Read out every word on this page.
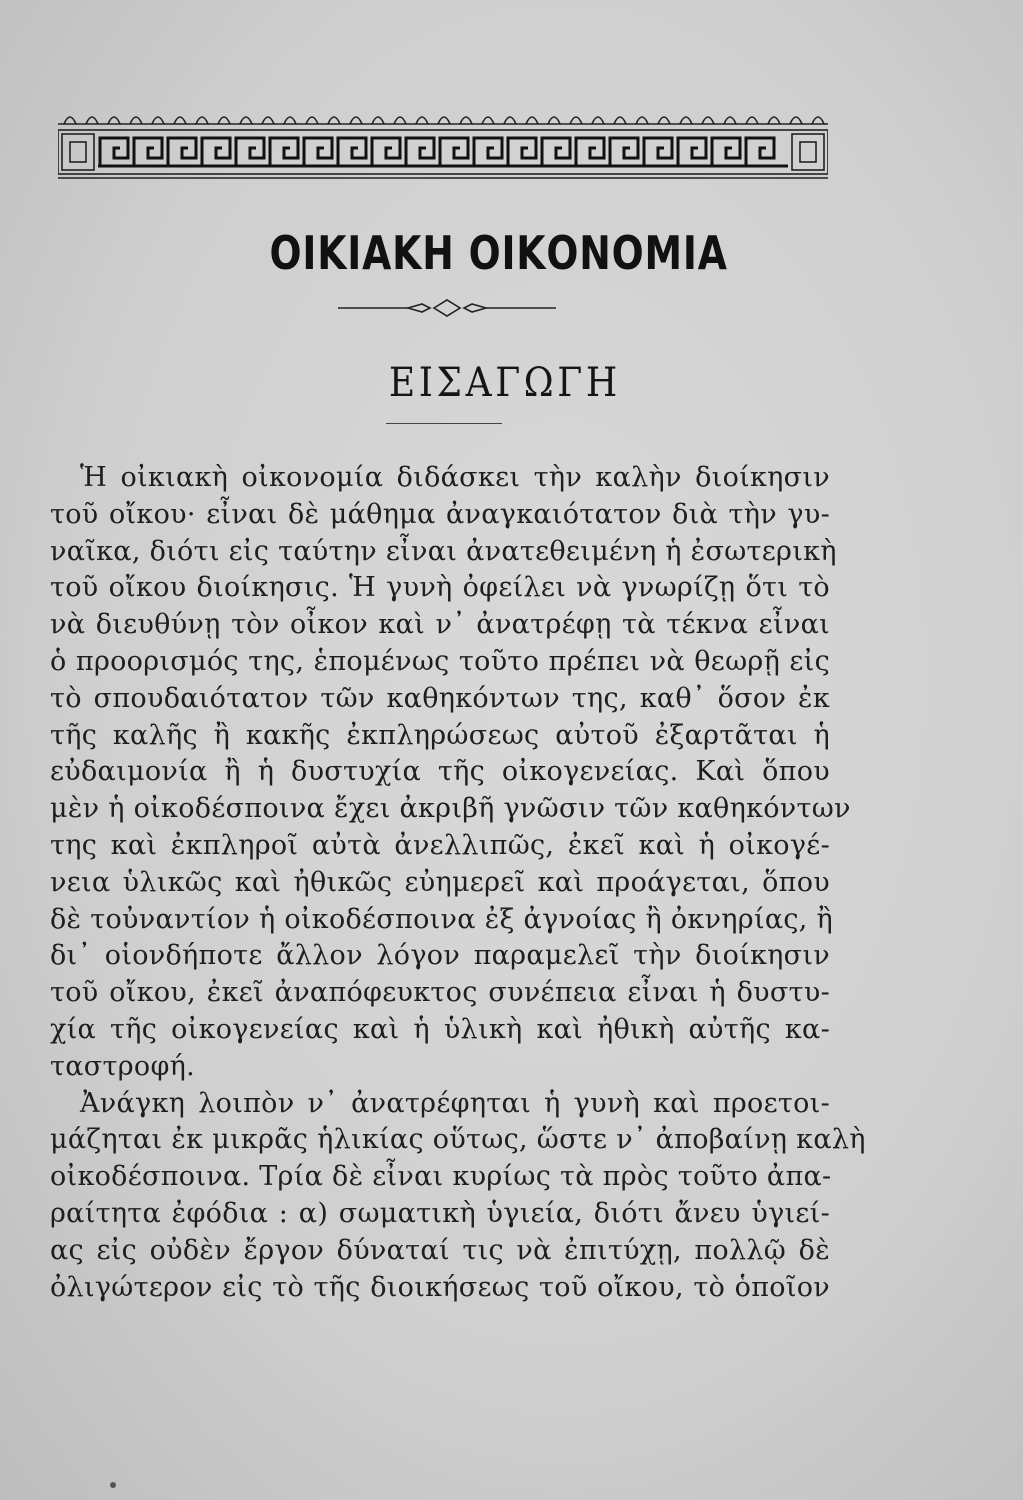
ΟΙΚΙΑΚΗ ΟΙΚΟΝΟΜΙΑ
ΕΙΣΑΓΩΓΗ

Ἡ οἰκιακὴ οἰκονομία διδάσκει τὴν καλὴν διοίκησιν
τοῦ οἴκου· εἶναι δὲ μάθημα ἀναγκαιότατον διὰ τὴν γυ-
ναῖκα, διότι εἰς ταύτην εἶναι ἀνατεθειμένη ἡ ἐσωτερικὴ
τοῦ οἴκου διοίκησις. Ἡ γυνὴ ὀφείλει νὰ γνωρίζῃ ὅτι τὸ
νὰ διευθύνῃ τὸν οἶκον καὶ ν᾽ ἀνατρέφῃ τὰ τέκνα εἶναι
ὁ προορισμός της, ἑπομένως τοῦτο πρέπει νὰ θεωρῇ εἰς
τὸ σπουδαιότατον τῶν καθηκόντων της, καθ᾽ ὅσον ἐκ
τῆς καλῆς ἢ κακῆς ἐκπληρώσεως αὐτοῦ ἐξαρτᾶται ἡ
εὐδαιμονία ἢ ἡ δυστυχία τῆς οἰκογενείας. Καὶ ὅπου
μὲν ἡ οἰκοδέσποινα ἔχει ἀκριβῆ γνῶσιν τῶν καθηκόντων
της καὶ ἐκπληροῖ αὐτὰ ἀνελλιπῶς, ἐκεῖ καὶ ἡ οἰκογέ-
νεια ὑλικῶς καὶ ἠθικῶς εὐημερεῖ καὶ προάγεται, ὅπου
δὲ τοὐναντίον ἡ οἰκοδέσποινα ἐξ ἀγνοίας ἢ ὀκνηρίας, ἢ
δι᾽ οἱονδήποτε ἄλλον λόγον παραμελεῖ τὴν διοίκησιν
τοῦ οἴκου, ἐκεῖ ἀναπόφευκτος συνέπεια εἶναι ἡ δυστυ-
χία τῆς οἰκογενείας καὶ ἡ ὑλικὴ καὶ ἠθικὴ αὐτῆς κα-
ταστροφή.

Ἀνάγκη λοιπὸν ν᾽ ἀνατρέφηται ἡ γυνὴ καὶ προετοι-
μάζηται ἐκ μικρᾶς ἡλικίας οὕτως, ὥστε ν᾽ ἀποβαίνῃ καλὴ
οἰκοδέσποινα. Τρία δὲ εἶναι κυρίως τὰ πρὸς τοῦτο ἀπα-
ραίτητα ἐφόδια : α) σωματικὴ ὑγιεία, διότι ἄνευ ὑγιεί-
ας εἰς οὐδὲν ἔργον δύναταί τις νὰ ἐπιτύχῃ, πολλῷ δὲ
ὀλιγώτερον εἰς τὸ τῆς διοικήσεως τοῦ οἴκου, τὸ ὁποῖον
